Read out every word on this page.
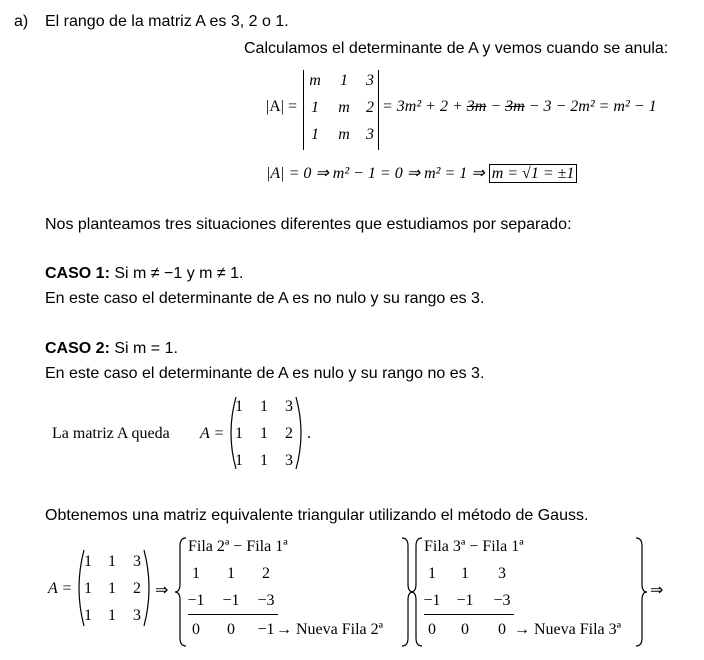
a) El rango de la matriz A es 3, 2 o 1.
Calculamos el determinante de A y vemos cuando se anula:
|A| =
m	1	3
1	m	2
1	m	3
= 3m² + 2 + 3m − 3m − 3 − 2m² = m² − 1
|A| = 0 ⇒ m² − 1 = 0 ⇒ m² = 1 ⇒ m = √1 = ±1
Nos planteamos tres situaciones diferentes que estudiamos por separado:
CASO 1: Si m ≠ −1 y m ≠ 1.
En este caso el determinante de A es no nulo y su rango es 3.
CASO 2: Si m = 1.
En este caso el determinante de A es nulo y su rango no es 3.
La matriz A queda A =
1	1	3
1	1	2
1	1	3
.
Obtenemos una matriz equivalente triangular utilizando el método de Gauss.
A =
1	1	3
1	1	2
1	1	3
⇒
Fila 2ª − Fila 1ª
1	1	2
−1 −1 −3
0	0	−1 → Nueva Fila 2ª
Fila 3ª − Fila 1ª
1	1	3
−1 −1 −3
0	0	0 → Nueva Fila 3ª
⇒
